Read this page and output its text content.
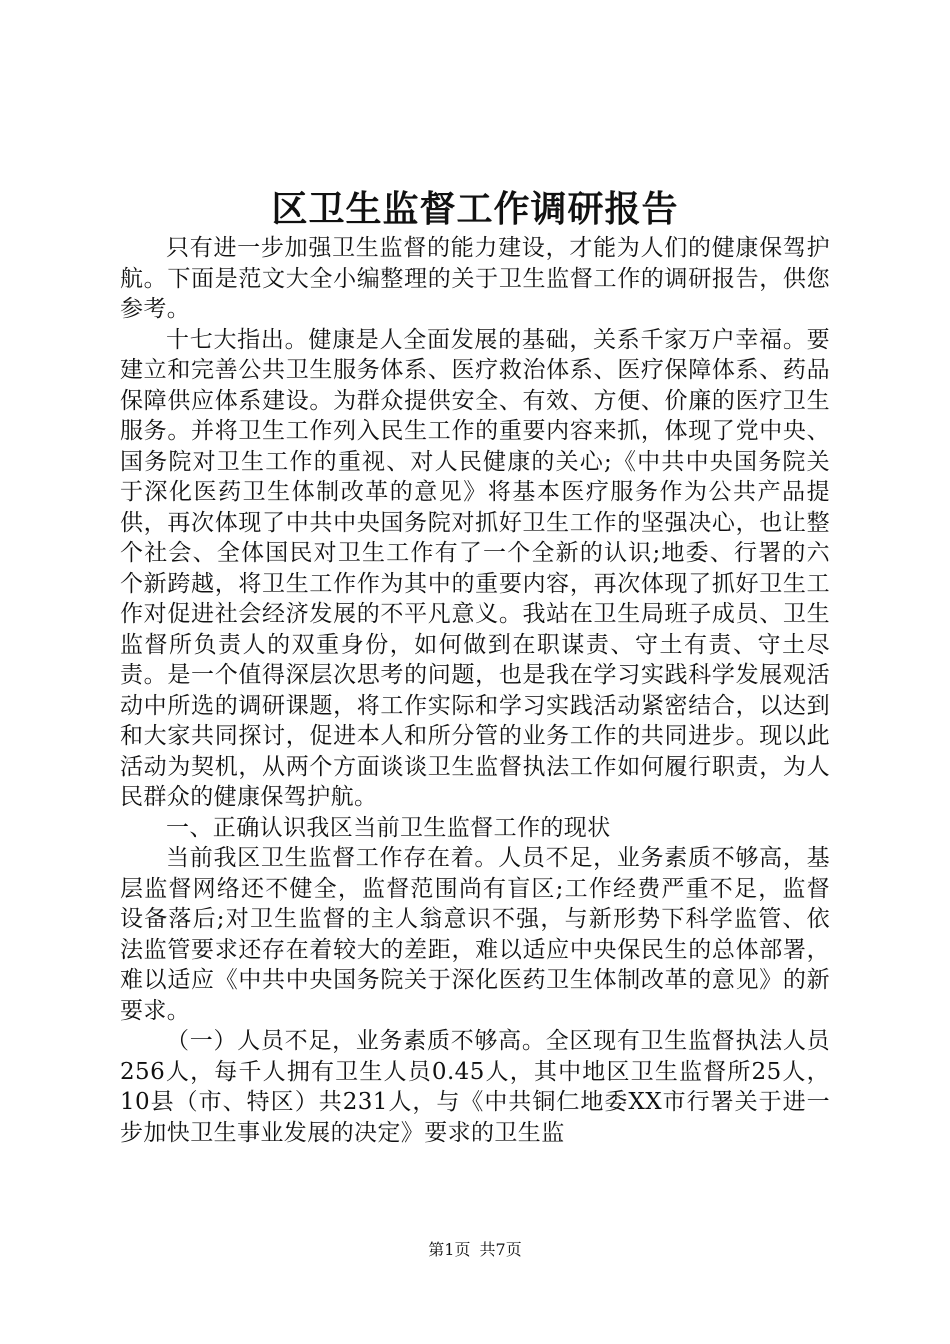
区卫生监督工作调研报告

只有进一步加强卫生监督的能力建设，才能为人们的健康保驾护航。下面是范文大全小编整理的关于卫生监督工作的调研报告，供您参考。

十七大指出。健康是人全面发展的基础，关系千家万户幸福。要建立和完善公共卫生服务体系、医疗救治体系、医疗保障体系、药品保障供应体系建设。为群众提供安全、有效、方便、价廉的医疗卫生服务。并将卫生工作列入民生工作的重要内容来抓，体现了党中央、国务院对卫生工作的重视、对人民健康的关心;《中共中央国务院关于深化医药卫生体制改革的意见》将基本医疗服务作为公共产品提供，再次体现了中共中央国务院对抓好卫生工作的坚强决心，也让整个社会、全体国民对卫生工作有了一个全新的认识;地委、行署的六个新跨越，将卫生工作作为其中的重要内容，再次体现了抓好卫生工作对促进社会经济发展的不平凡意义。我站在卫生局班子成员、卫生监督所负责人的双重身份，如何做到在职谋责、守土有责、守土尽责。是一个值得深层次思考的问题，也是我在学习实践科学发展观活动中所选的调研课题，将工作实际和学习实践活动紧密结合，以达到和大家共同探讨，促进本人和所分管的业务工作的共同进步。现以此活动为契机，从两个方面谈谈卫生监督执法工作如何履行职责，为人民群众的健康保驾护航。

一、正确认识我区当前卫生监督工作的现状

当前我区卫生监督工作存在着。人员不足，业务素质不够高，基层监督网络还不健全，监督范围尚有盲区;工作经费严重不足，监督设备落后;对卫生监督的主人翁意识不强，与新形势下科学监管、依法监管要求还存在着较大的差距，难以适应中央保民生的总体部署，难以适应《中共中央国务院关于深化医药卫生体制改革的意见》的新要求。

（一）人员不足，业务素质不够高。全区现有卫生监督执法人员256人，每千人拥有卫生人员0.45人，其中地区卫生监督所25人，10县（市、特区）共231人，与《中共铜仁地委XX市行署关于进一步加快卫生事业发展的决定》要求的卫生监

第1页 共7页
